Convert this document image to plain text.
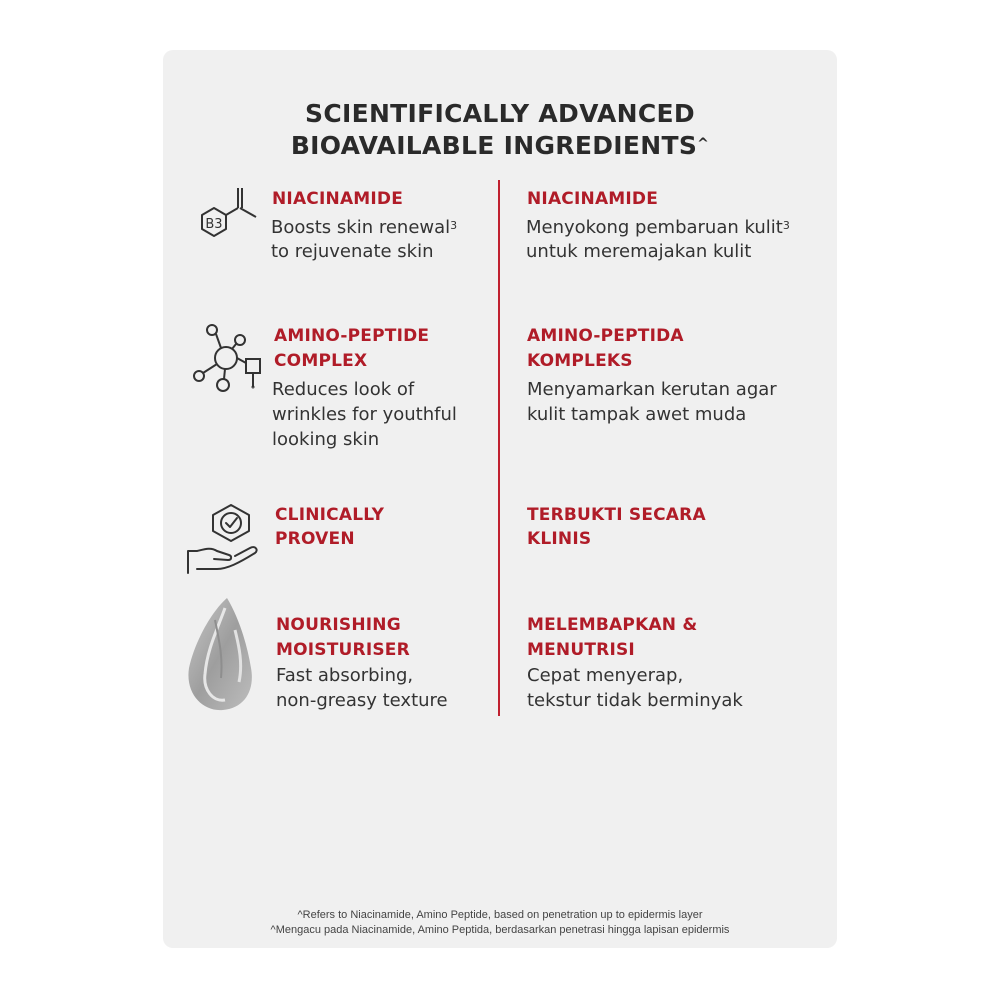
SCIENTIFICALLY ADVANCED
BIOAVAILABLE INGREDIENTS^
B3
NIACINAMIDE
Boosts skin renewal$^3$
to rejuvenate skin
AMINO-PEPTIDE
COMPLEX
Reduces look of
wrinkles for youthful
looking skin
CLINICALLY
PROVEN
NOURISHING
MOISTURISER
Fast absorbing,
non-greasy texture
NIACINAMIDE
Menyokong pembaruan kulit$^3$
untuk meremajakan kulit
AMINO-PEPTIDA
KOMPLEKS
Menyamarkan kerutan agar
kulit tampak awet muda
TERBUKTI SECARA
KLINIS
MELEMBAPKAN &
MENUTRISI
Cepat menyerap,
tekstur tidak berminyak
^Refers to Niacinamide, Amino Peptide, based on penetration up to epidermis layer
^Mengacu pada Niacinamide, Amino Peptida, berdasarkan penetrasi hingga lapisan epidermis
